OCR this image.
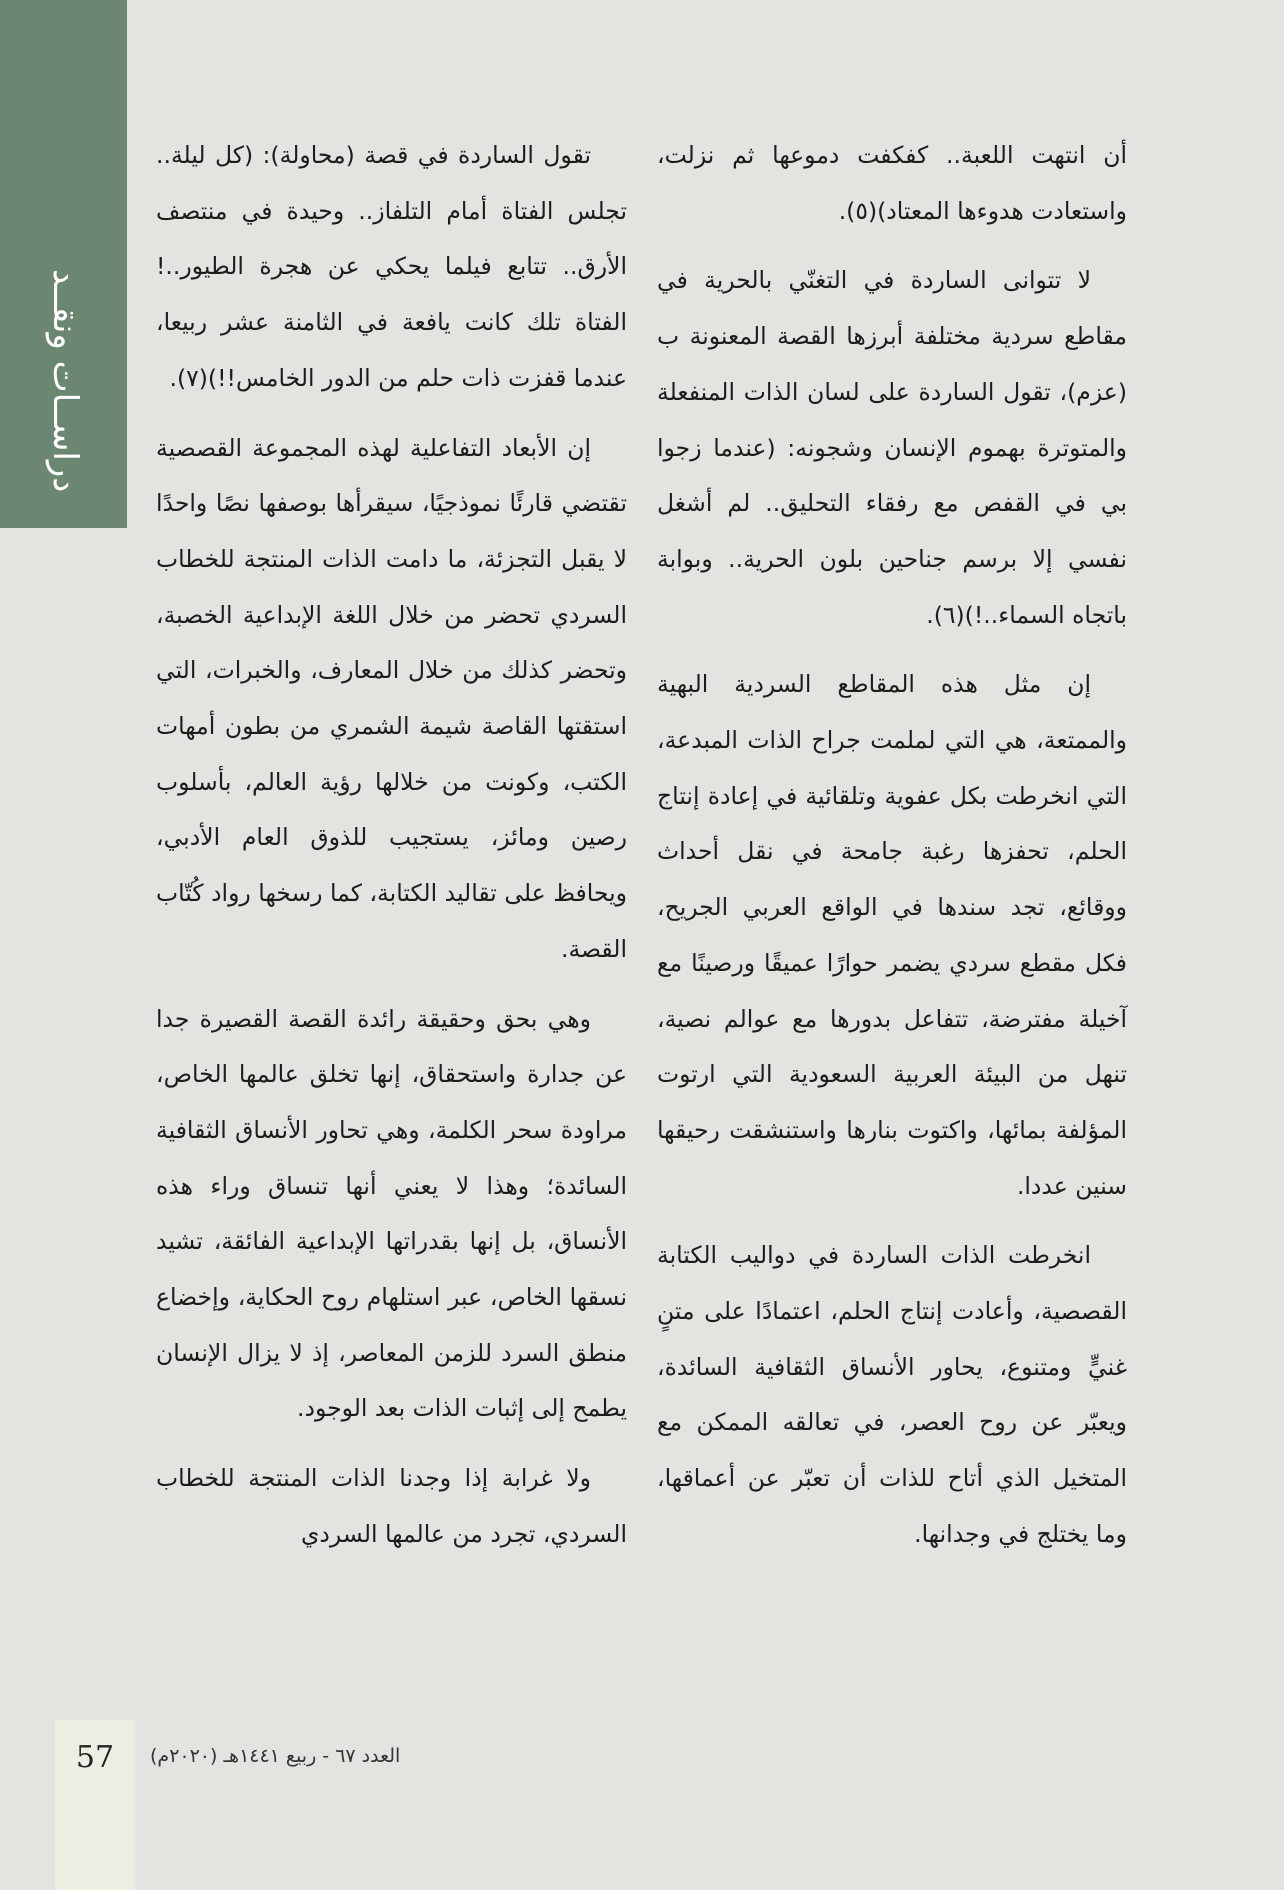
دراســات ونقــد

أن انتهت اللعبة.. كفكفت دموعها ثم نزلت، واستعادت هدوءها المعتاد)(٥).

لا تتوانى الساردة في التغنّي بالحرية في مقاطع سردية مختلفة أبرزها القصة المعنونة ب (عزم)، تقول الساردة على لسان الذات المنفعلة والمتوترة بهموم الإنسان وشجونه: (عندما زجوا بي في القفص مع رفقاء التحليق.. لم أشغل نفسي إلا برسم جناحين بلون الحرية.. وبوابة باتجاه السماء..!)(٦).

إن مثل هذه المقاطع السردية البهية والممتعة، هي التي لملمت جراح الذات المبدعة، التي انخرطت بكل عفوية وتلقائية في إعادة إنتاج الحلم، تحفزها رغبة جامحة في نقل أحداث ووقائع، تجد سندها في الواقع العربي الجريح، فكل مقطع سردي يضمر حوارًا عميقًا ورصينًا مع آخيلة مفترضة، تتفاعل بدورها مع عوالم نصية، تنهل من البيئة العربية السعودية التي ارتوت المؤلفة بمائها، واكتوت بنارها واستنشقت رحيقها سنين عددا.

انخرطت الذات الساردة في دواليب الكتابة القصصية، وأعادت إنتاج الحلم، اعتمادًا على متنٍ غنيٍّ ومتنوع، يحاور الأنساق الثقافية السائدة، ويعبّر عن روح العصر، في تعالقه الممكن مع المتخيل الذي أتاح للذات أن تعبّر عن أعماقها، وما يختلج في وجدانها.

تقول الساردة في قصة (محاولة): (كل ليلة.. تجلس الفتاة أمام التلفاز.. وحيدة في منتصف الأرق.. تتابع فيلما يحكي عن هجرة الطيور..! الفتاة تلك كانت يافعة في الثامنة عشر ربيعا، عندما قفزت ذات حلم من الدور الخامس!!)(٧).

إن الأبعاد التفاعلية لهذه المجموعة القصصية تقتضي قارئًا نموذجيًا، سيقرأها بوصفها نصًا واحدًا لا يقبل التجزئة، ما دامت الذات المنتجة للخطاب السردي تحضر من خلال اللغة الإبداعية الخصبة، وتحضر كذلك من خلال المعارف، والخبرات، التي استقتها القاصة شيمة الشمري من بطون أمهات الكتب، وكونت من خلالها رؤية العالم، بأسلوب رصين ومائز، يستجيب للذوق العام الأدبي، ويحافظ على تقاليد الكتابة، كما رسخها رواد كُتّاب القصة.

وهي بحق وحقيقة رائدة القصة القصيرة جدا عن جدارة واستحقاق، إنها تخلق عالمها الخاص، مراودة سحر الكلمة، وهي تحاور الأنساق الثقافية السائدة؛ وهذا لا يعني أنها تنساق وراء هذه الأنساق، بل إنها بقدراتها الإبداعية الفائقة، تشيد نسقها الخاص، عبر استلهام روح الحكاية، وإخضاع منطق السرد للزمن المعاصر، إذ لا يزال الإنسان يطمح إلى إثبات الذات بعد الوجود.

ولا غرابة إذا وجدنا الذات المنتجة للخطاب السردي، تجرد من عالمها السردي

57	العدد ٦٧ - ربيع ١٤٤١هـ (٢٠٢٠م)
